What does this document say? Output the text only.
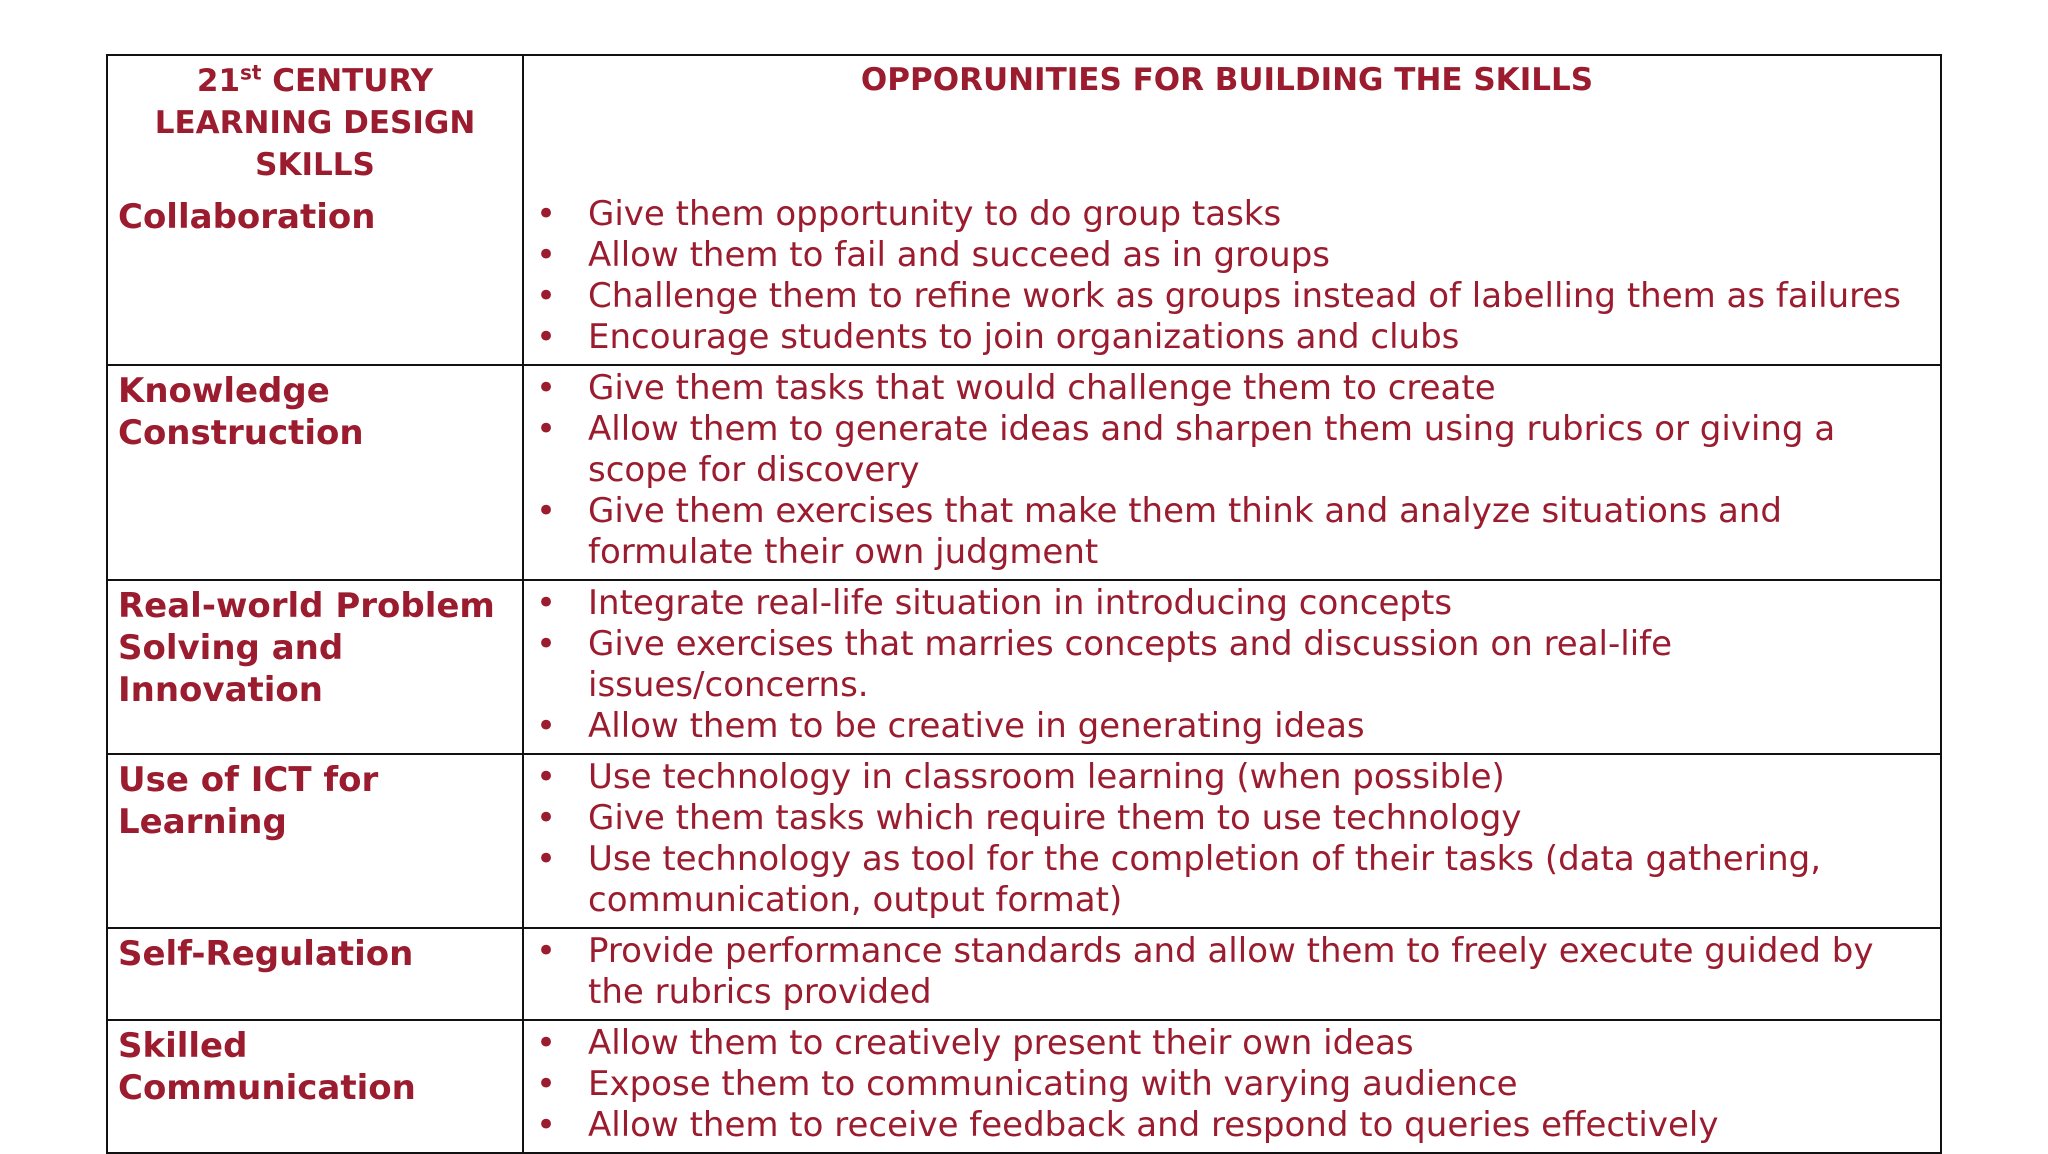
21st CENTURY LEARNING DESIGN SKILLS
OPPORUNITIES FOR BUILDING THE SKILLS
Collaboration	• Give them opportunity to do group tasks
• Allow them to fail and succeed as in groups
• Challenge them to refine work as groups instead of labelling them as failures
• Encourage students to join organizations and clubs
Knowledge Construction
• Give them tasks that would challenge them to create
• Allow them to generate ideas and sharpen them using rubrics or giving a scope for discovery
• Give them exercises that make them think and analyze situations and formulate their own judgment
Real-world Problem Solving and Innovation
• Integrate real-life situation in introducing concepts
• Give exercises that marries concepts and discussion on real-life issues/concerns.
• Allow them to be creative in generating ideas
Use of ICT for Learning
• Use technology in classroom learning (when possible)
• Give them tasks which require them to use technology
• Use technology as tool for the completion of their tasks (data gathering, communication, output format)
Self-Regulation	• Provide performance standards and allow them to freely execute guided by the rubrics provided
Skilled Communication
• Allow them to creatively present their own ideas
• Expose them to communicating with varying audience
• Allow them to receive feedback and respond to queries effectively
